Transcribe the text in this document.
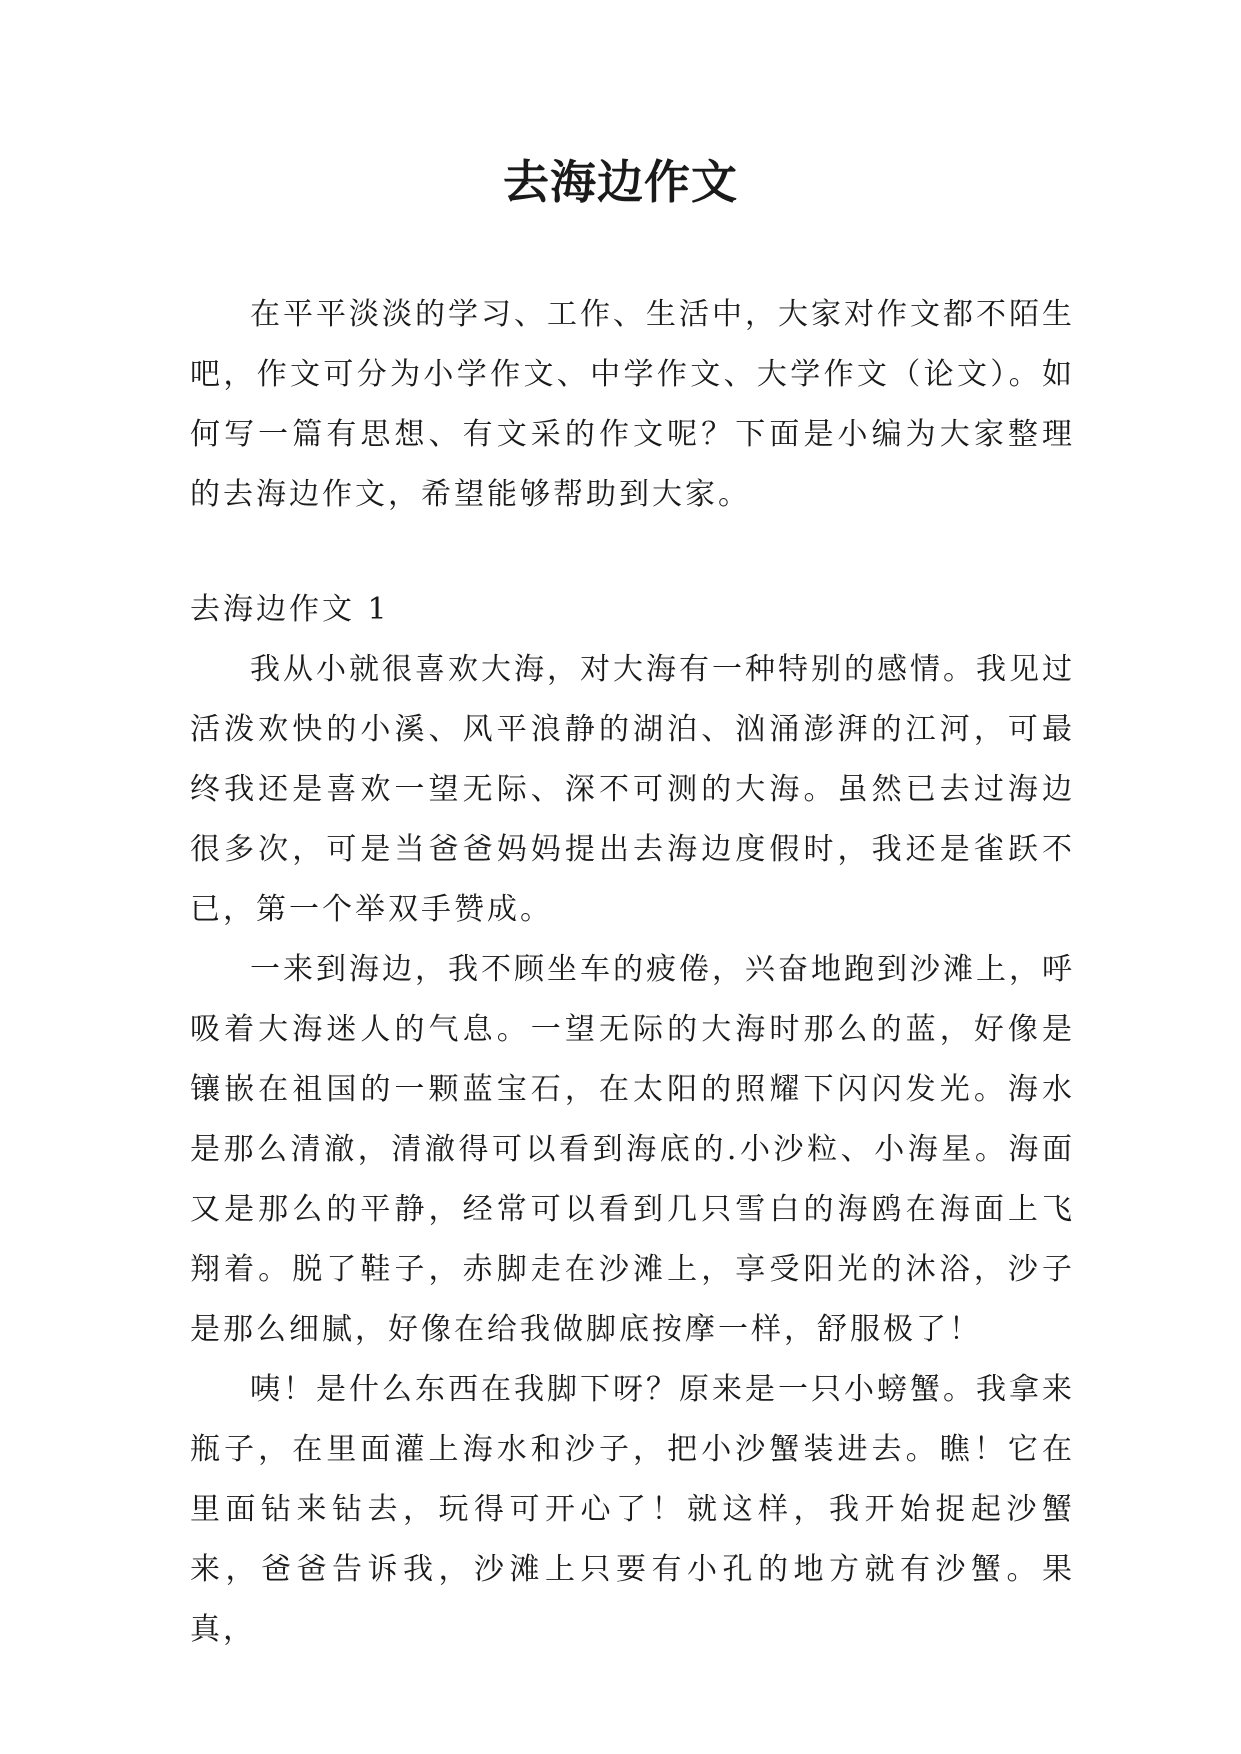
去海边作文

在平平淡淡的学习、工作、生活中，大家对作文都不陌生吧，作文可分为小学作文、中学作文、大学作文（论文）。如何写一篇有思想、有文采的作文呢？下面是小编为大家整理的去海边作文，希望能够帮助到大家。

去海边作文 1

我从小就很喜欢大海，对大海有一种特别的感情。我见过活泼欢快的小溪、风平浪静的湖泊、汹涌澎湃的江河，可最终我还是喜欢一望无际、深不可测的大海。虽然已去过海边很多次，可是当爸爸妈妈提出去海边度假时，我还是雀跃不已，第一个举双手赞成。

一来到海边，我不顾坐车的疲倦，兴奋地跑到沙滩上，呼吸着大海迷人的气息。一望无际的大海时那么的蓝，好像是镶嵌在祖国的一颗蓝宝石，在太阳的照耀下闪闪发光。海水是那么清澈，清澈得可以看到海底的.小沙粒、小海星。海面又是那么的平静，经常可以看到几只雪白的海鸥在海面上飞翔着。脱了鞋子，赤脚走在沙滩上，享受阳光的沐浴，沙子是那么细腻，好像在给我做脚底按摩一样，舒服极了！

咦！是什么东西在我脚下呀？原来是一只小螃蟹。我拿来瓶子，在里面灌上海水和沙子，把小沙蟹装进去。瞧！它在里面钻来钻去，玩得可开心了！就这样，我开始捉起沙蟹来，爸爸告诉我，沙滩上只要有小孔的地方就有沙蟹。果真，
